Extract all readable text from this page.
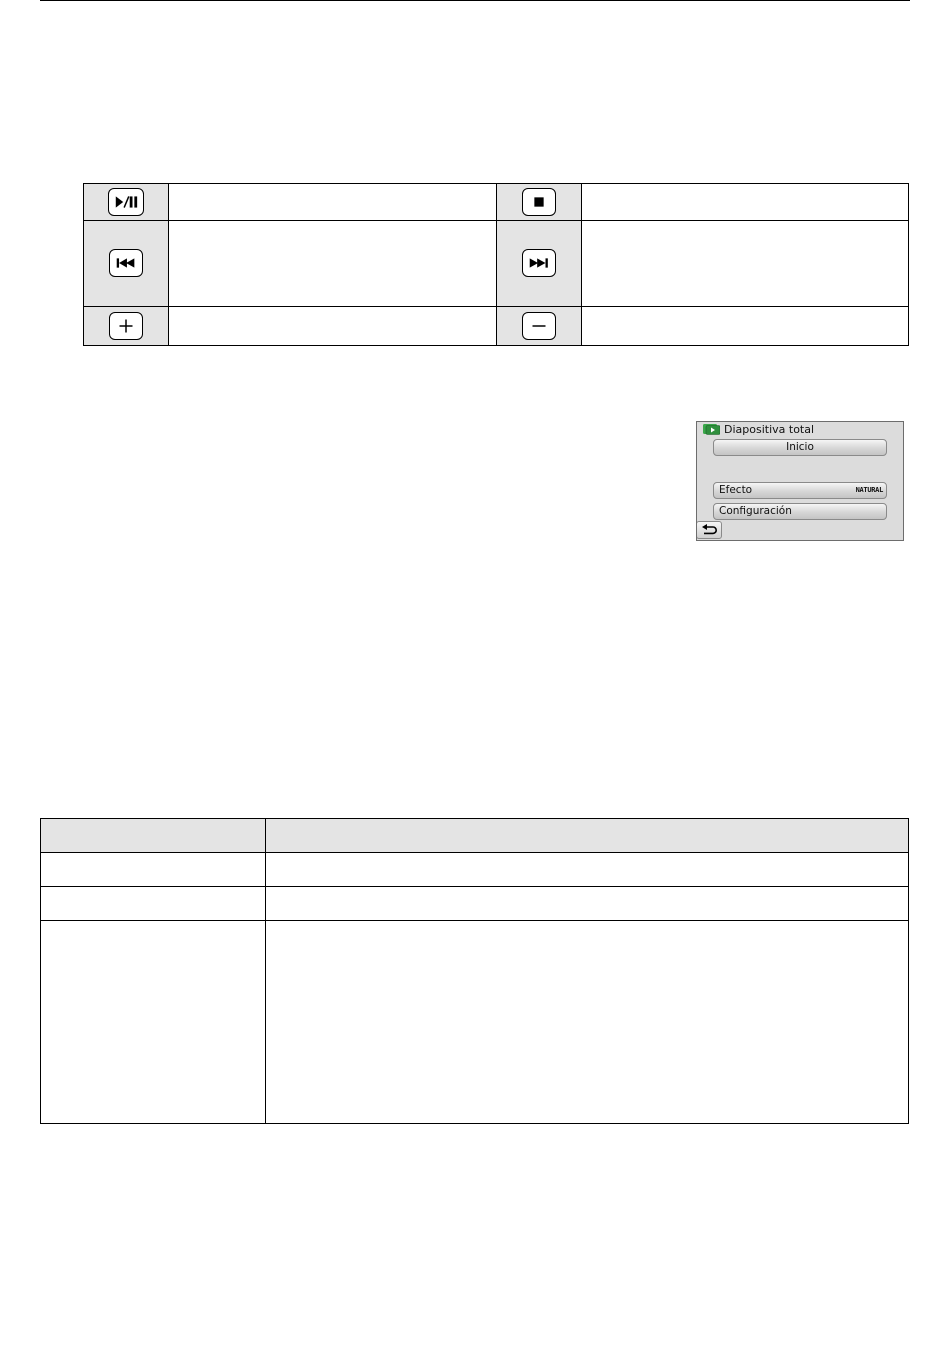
Diapositiva total
Inicio
Efecto	NATURAL
Configuración
